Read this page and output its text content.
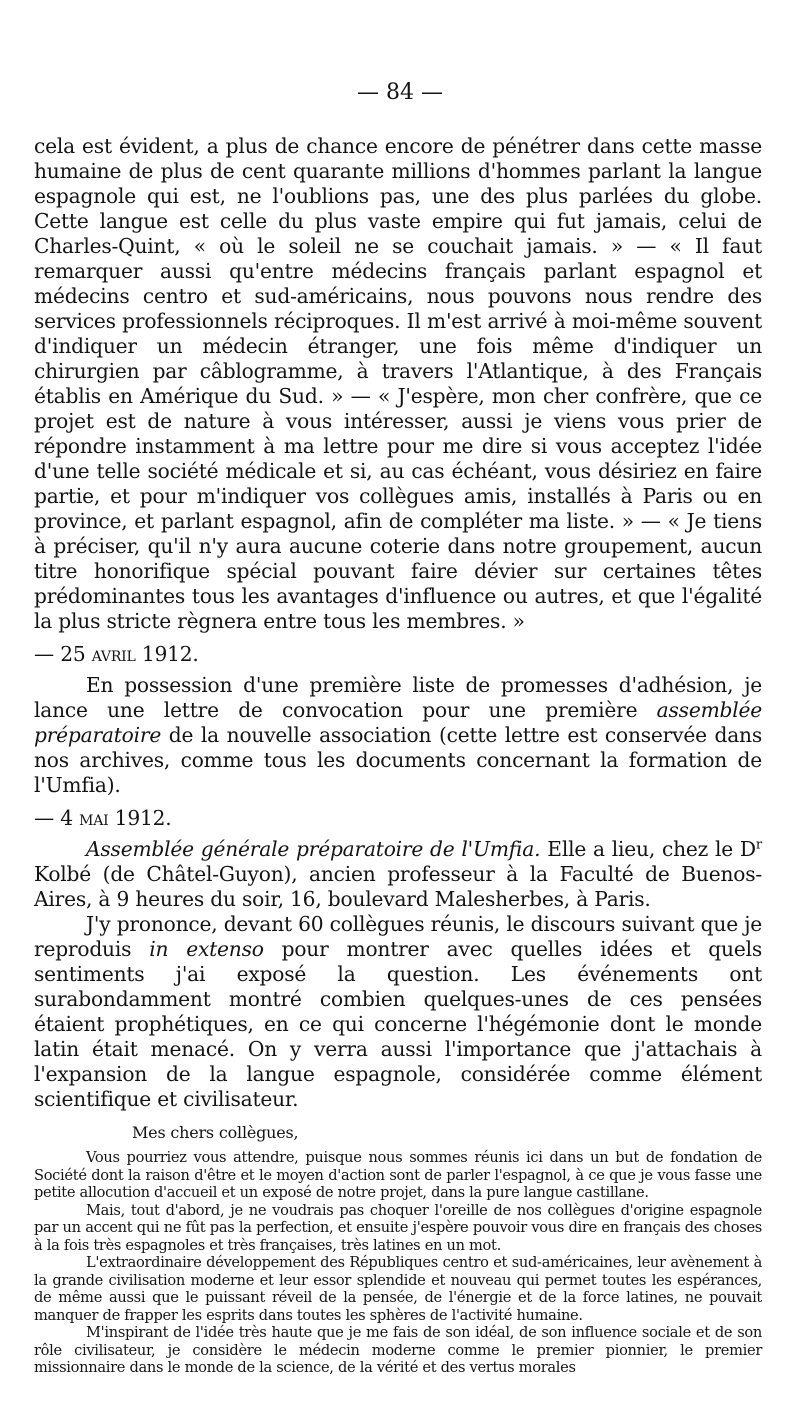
— 84 —

cela est évident, a plus de chance encore de pénétrer dans cette masse humaine de plus de cent quarante millions d'hommes parlant la langue espagnole qui est, ne l'oublions pas, une des plus parlées du globe. Cette langue est celle du plus vaste empire qui fut jamais, celui de Charles-Quint, « où le soleil ne se couchait jamais. » — « Il faut remarquer aussi qu'entre médecins français parlant espagnol et médecins centro et sud-américains, nous pouvons nous rendre des services professionnels réciproques. Il m'est arrivé à moi-même souvent d'indiquer un médecin étranger, une fois même d'indiquer un chirurgien par câblogramme, à travers l'Atlantique, à des Français établis en Amérique du Sud. » — « J'espère, mon cher confrère, que ce projet est de nature à vous intéresser, aussi je viens vous prier de répondre instamment à ma lettre pour me dire si vous acceptez l'idée d'une telle société médicale et si, au cas échéant, vous désiriez en faire partie, et pour m'indiquer vos collègues amis, installés à Paris ou en province, et parlant espagnol, afin de compléter ma liste. » — « Je tiens à préciser, qu'il n'y aura aucune coterie dans notre groupement, aucun titre honorifique spécial pouvant faire dévier sur certaines têtes prédominantes tous les avantages d'influence ou autres, et que l'égalité la plus stricte règnera entre tous les membres. »

— 25 avril 1912.

En possession d'une première liste de promesses d'adhésion, je lance une lettre de convocation pour une première assemblée préparatoire de la nouvelle association (cette lettre est conservée dans nos archives, comme tous les documents concernant la formation de l'Umfia).

— 4 mai 1912.

Assemblée générale préparatoire de l'Umfia. Elle a lieu, chez le $D^r$ Kolbé (de Châtel-Guyon), ancien professeur à la Faculté de Buenos-Aires, à 9 heures du soir, 16, boulevard Malesherbes, à Paris.

J'y prononce, devant 60 collègues réunis, le discours suivant que je reproduis in extenso pour montrer avec quelles idées et quels sentiments j'ai exposé la question. Les événements ont surabondamment montré combien quelques-unes de ces pensées étaient prophétiques, en ce qui concerne l'hégémonie dont le monde latin était menacé. On y verra aussi l'importance que j'attachais à l'expansion de la langue espagnole, considérée comme élément scientifique et civilisateur.

Mes chers collègues,

Vous pourriez vous attendre, puisque nous sommes réunis ici dans un but de fondation de Société dont la raison d'être et le moyen d'action sont de parler l'espagnol, à ce que je vous fasse une petite allocution d'accueil et un exposé de notre projet, dans la pure langue castillane.

Mais, tout d'abord, je ne voudrais pas choquer l'oreille de nos collègues d'origine espagnole par un accent qui ne fût pas la perfection, et ensuite j'espère pouvoir vous dire en français des choses à la fois très espagnoles et très françaises, très latines en un mot.

L'extraordinaire développement des Républiques centro et sud-américaines, leur avènement à la grande civilisation moderne et leur essor splendide et nouveau qui permet toutes les espérances, de même aussi que le puissant réveil de la pensée, de l'énergie et de la force latines, ne pouvait manquer de frapper les esprits dans toutes les sphères de l'activité humaine.

M'inspirant de l'idée très haute que je me fais de son idéal, de son influence sociale et de son rôle civilisateur, je considère le médecin moderne comme le premier pionnier, le premier missionnaire dans le monde de la science, de la vérité et des vertus morales
